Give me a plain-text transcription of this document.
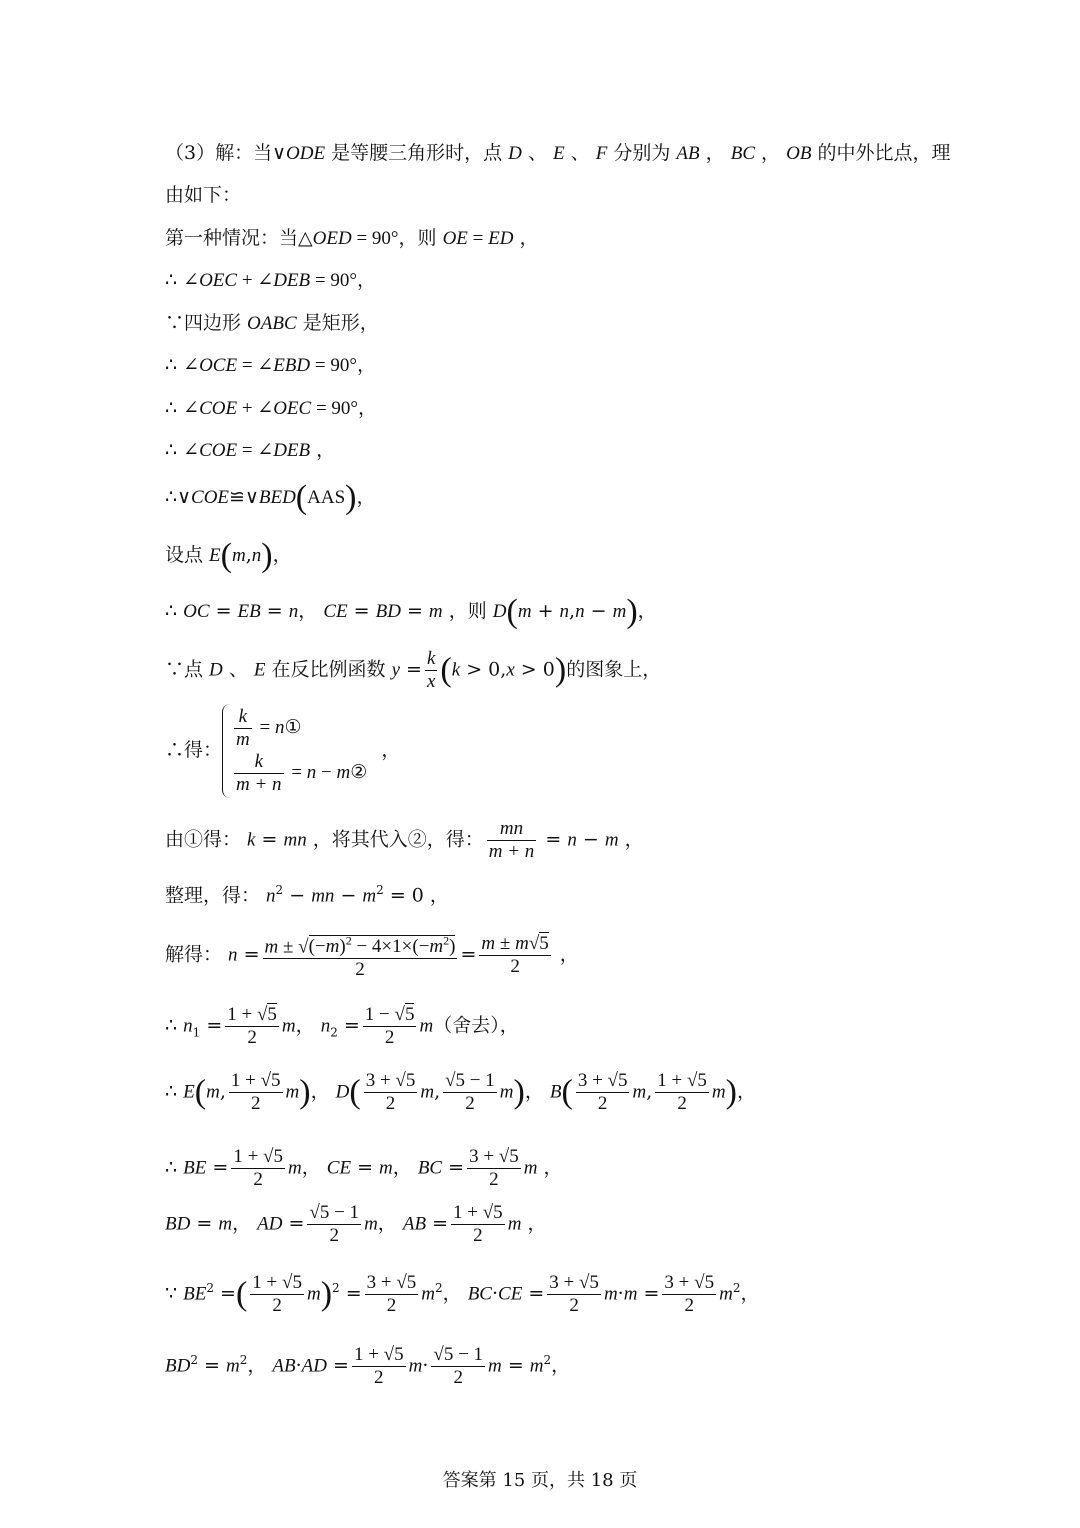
（3）解：当∨ODE 是等腰三角形时，点 D 、 E 、 F 分别为 AB ， BC ， OB 的中外比点，理
由如下：
第一种情况：当△OED = 90°，则 OE = ED ，
∴ ∠OEC + ∠DEB = 90°，
∵四边形 OABC 是矩形，
∴ ∠OCE = ∠EBD = 90°，
∴ ∠COE + ∠OEC = 90°，
∴ ∠COE = ∠DEB ，
∴∨COE≌∨BED(AAS)，
设点 E(m,n)，
∴ OC = EB = n， CE = BD = m ，则 D(m + n,n − m)，
∵点 D 、 E 在反比例函数 $y = \frac{k}{x} (k > 0,x > 0)$的图象上，
∴得： $\frac{k}{m}$ = n①
$\frac{k}{m + n} = n$ − m②
，
由①得： k = mn ，将其代入②，得： $\frac{mn}{m + n} = n - m$ ，
整理，得： $n^2$ − mn − $m^2 = 0$ ，
解得： $n = \frac{m \pm √(-m)^2 - 4\times 1\times(-m^2)}{2} = \frac{m \pm m√5}{2}$ ，
∴ $n_1 = \frac{1 + √5}{2}$ m， $n_2 = \frac{1 - √5}{2} m$（舍去），
∴ E(m, $\frac{1 + √5}{2} m$)， $D( \frac{3 + √5}{2} m$, $\frac{√5 - 1}{2} m$)， $B( \frac{3 + √5}{2} m$, $\frac{1 + √5}{2} m$)，
∴ BE = $\frac{1 + √5}{2}$ m， CE = m， BC = $\frac{3 + √5}{2}$ m ，
BD = m， AD = $\frac{√5 - 1}{2}$ m， AB = $\frac{1 + √5}{2}$ m ，
∵ $BE^2$ =( $\frac{1 + √5}{2} m)^2 = \frac{3 + √5}{2} m^2$， $BC\cdot CE = \frac{3 + √5}{2} m\cdot m = \frac{3 + √5}{2} m^2$，
$BD^2 = m^2$， $AB\cdot AD = \frac{1 + √5}{2} m\cdot \frac{√5 - 1}{2}$ $m = m^2$，
答案第 15 页，共 18 页
